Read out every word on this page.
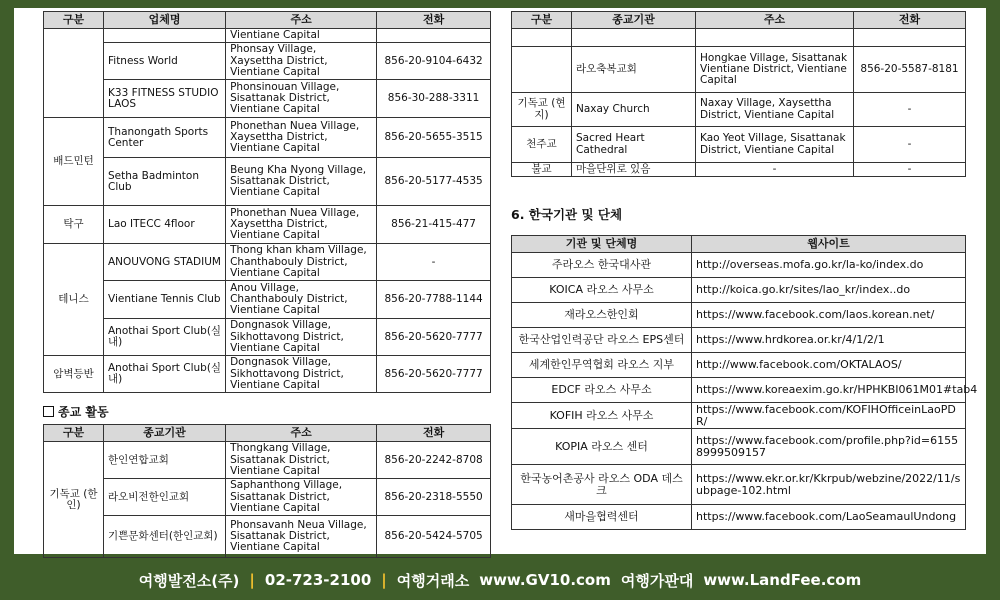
구분	업체명	주소	전화
		Vientiane Capital	
	Fitness World	Phonsay Village, Xaysettha District, Vientiane Capital	856-20-9104-6432
	K33 FITNESS STUDIO LAOS	Phonsinouan Village, Sisattanak District, Vientiane Capital	856-30-288-3311
배드민턴	Thanongath Sports Center	Phonethan Nuea Village, Xaysettha District, Vientiane Capital	856-20-5655-3515
	Setha Badminton Club	Beung Kha Nyong Village, Sisattanak District, Vientiane Capital	856-20-5177-4535
탁구	Lao ITECC 4floor	Phonethan Nuea Village, Xaysettha District, Vientiane Capital	856-21-415-477
테니스	ANOUVONG STADIUM	Thong khan kham Village, Chanthabouly District, Vientiane Capital	-
	Vientiane Tennis Club	Anou Village, Chanthabouly District, Vientiane Capital	856-20-7788-1144
	Anothai Sport Club(실내)	Dongnasok Village, Sikhottavong District, Vientiane Capital	856-20-5620-7777
암벽등반	Anothai Sport Club(실내)	Dongnasok Village, Sikhottavong District, Vientiane Capital	856-20-5620-7777
종교 활동
구분	종교기관	주소	전화
기독교 (한인)	한인연합교회	Thongkang Village, Sisattanak District, Vientiane Capital	856-20-2242-8708
	라오비전한인교회	Saphanthong Village, Sisattanak District, Vientiane Capital	856-20-2318-5550
	기쁜문화센터(한인교회)	Phonsavanh Neua Village, Sisattanak District, Vientiane Capital	856-20-5424-5705
구분	종교기관	주소	전화

	라오축복교회	Hongkae Village, Sisattanak Vientiane District, Vientiane Capital	856-20-5587-8181
기독교 (현지)	Naxay Church	Naxay Village, Xaysettha District, Vientiane Capital	-
천주교	Sacred Heart Cathedral	Kao Yeot Village, Sisattanak District, Vientiane Capital	-
불교	마을단위로 있음	-	-
6. 한국기관 및 단체
기관 및 단체명	웹사이트
주라오스 한국대사관	http://overseas.mofa.go.kr/la-ko/index.do
KOICA 라오스 사무소	http://koica.go.kr/sites/lao_kr/index..do
재라오스한인회	https://www.facebook.com/laos.korean.net/
한국산업인력공단 라오스 EPS센터	https://www.hrdkorea.or.kr/4/1/2/1
세계한인무역협회 라오스 지부	http://www.facebook.com/OKTALAOS/
EDCF 라오스 사무소	https://www.koreaexim.go.kr/HPHKBI061M01#tab4
KOFIH 라오스 사무소	https://www.facebook.com/KOFIHOfficeinLaoPDR/
KOPIA 라오스 센터	https://www.facebook.com/profile.php?id=61558999509157
한국농어촌공사 라오스 ODA 데스크	https://www.ekr.or.kr/Kkrpub/webzine/2022/11/subpage-102.html
새마을협력센터	https://www.facebook.com/LaoSeamaulUndong
여행발전소(주) | 02-723-2100 | 여행거래소 www.GV10.com 여행가판대 www.LandFee.com
